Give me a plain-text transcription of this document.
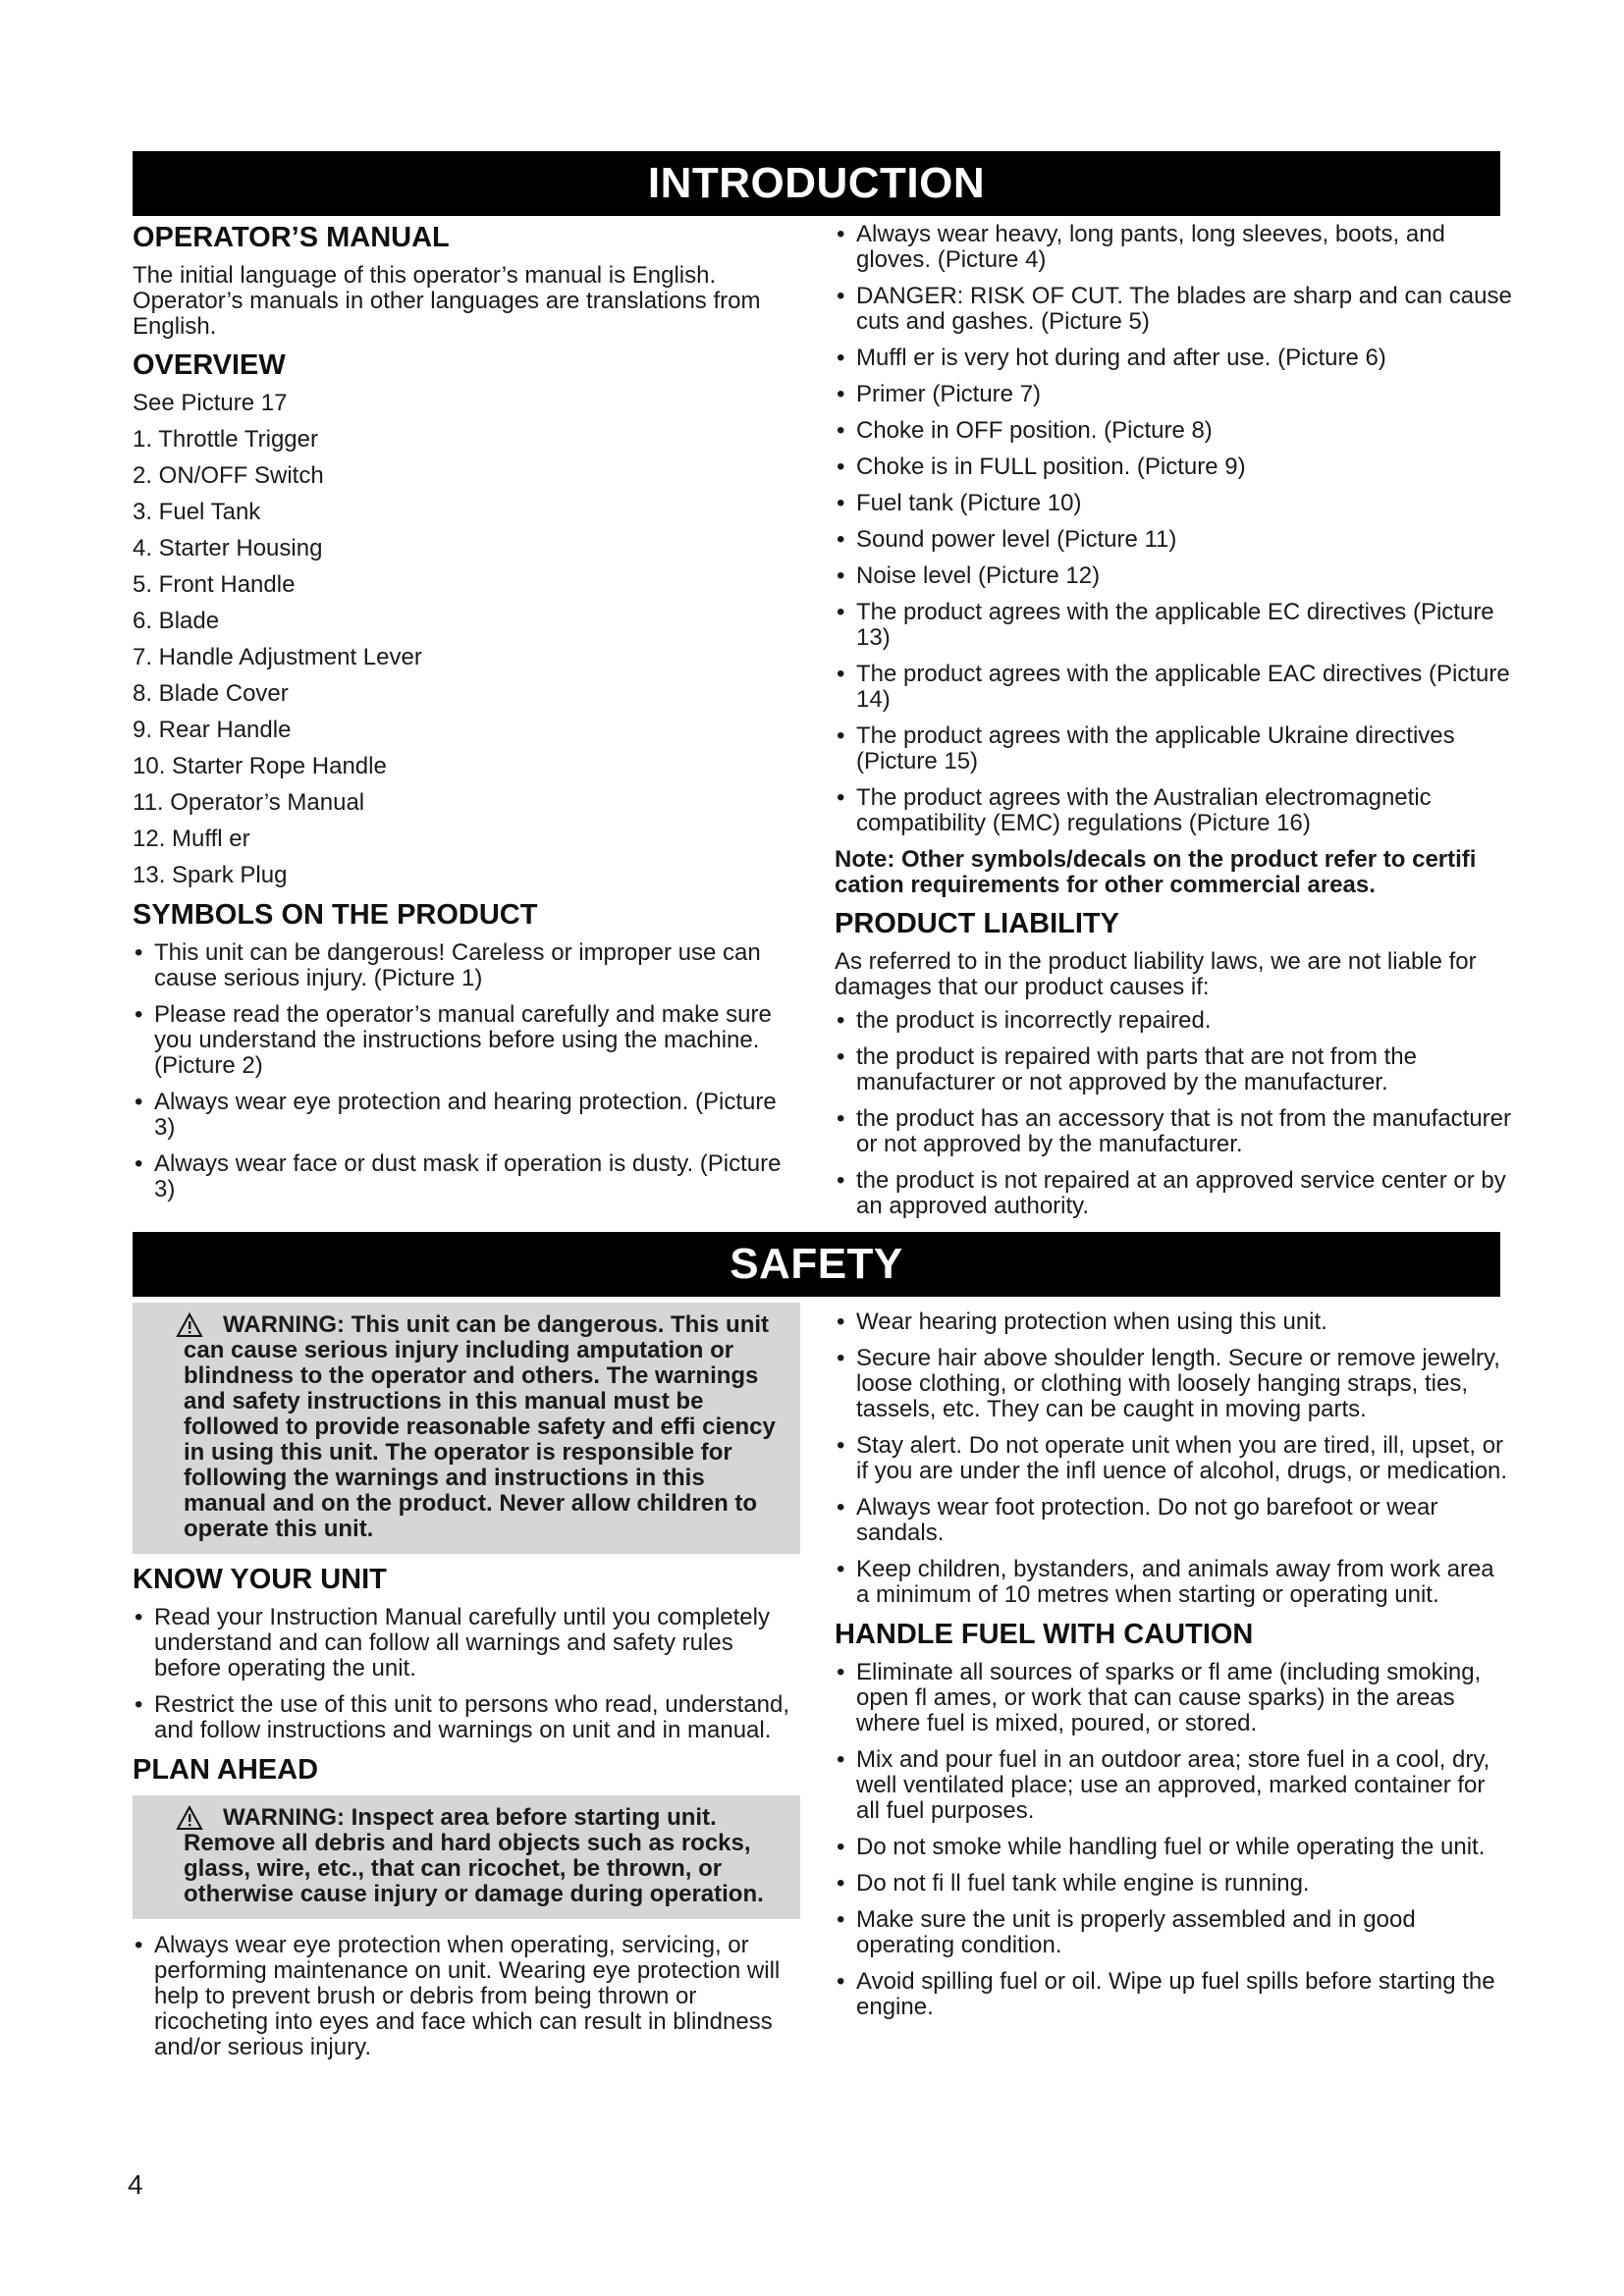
INTRODUCTION
OPERATOR’S MANUAL

The initial language of this operator’s manual is English. Operator’s manuals in other languages are translations from English.

OVERVIEW

See Picture 17

1. Throttle Trigger
2. ON/OFF Switch
3. Fuel Tank
4. Starter Housing
5. Front Handle
6. Blade
7. Handle Adjustment Lever
8. Blade Cover
9. Rear Handle
10. Starter Rope Handle
11. Operator’s Manual
12. Muffl er
13. Spark Plug
SYMBOLS ON THE PRODUCT
• This unit can be dangerous! Careless or improper use can cause serious injury. (Picture 1)
• Please read the operator’s manual carefully and make sure you understand the instructions before using the machine. (Picture 2)
• Always wear eye protection and hearing protection. (Picture 3)
• Always wear face or dust mask if operation is dusty. (Picture 3)
• Always wear heavy, long pants, long sleeves, boots, and gloves. (Picture 4)
• DANGER: RISK OF CUT. The blades are sharp and can cause cuts and gashes. (Picture 5)
• Muffl er is very hot during and after use. (Picture 6)
• Primer (Picture 7)
• Choke in OFF position. (Picture 8)
• Choke is in FULL position. (Picture 9)
• Fuel tank (Picture 10)
• Sound power level (Picture 11)
• Noise level (Picture 12)
• The product agrees with the applicable EC directives (Picture 13)
• The product agrees with the applicable EAC directives (Picture 14)
• The product agrees with the applicable Ukraine directives (Picture 15)
• The product agrees with the Australian electromagnetic compatibility (EMC) regulations (Picture 16)

Note: Other symbols/decals on the product refer to certifi cation requirements for other commercial areas.

PRODUCT LIABILITY

As referred to in the product liability laws, we are not liable for damages that our product causes if:

• the product is incorrectly repaired.
• the product is repaired with parts that are not from the manufacturer or not approved by the manufacturer.
• the product has an accessory that is not from the manufacturer or not approved by the manufacturer.
• the product is not repaired at an approved service center or by an approved authority.
SAFETY
WARNING: This unit can be dangerous. This unit can cause serious injury including amputation or blindness to the operator and others. The warnings and safety instructions in this manual must be followed to provide reasonable safety and effi ciency in using this unit. The operator is responsible for following the warnings and instructions in this manual and on the product. Never allow children to operate this unit.
KNOW YOUR UNIT
• Read your Instruction Manual carefully until you completely understand and can follow all warnings and safety rules before operating the unit.
• Restrict the use of this unit to persons who read, understand, and follow instructions and warnings on unit and in manual.
PLAN AHEAD
WARNING: Inspect area before starting unit. Remove all debris and hard objects such as rocks, glass, wire, etc., that can ricochet, be thrown, or otherwise cause injury or damage during operation.
• Always wear eye protection when operating, servicing, or performing maintenance on unit. Wearing eye protection will help to prevent brush or debris from being thrown or ricocheting into eyes and face which can result in blindness and/or serious injury.
• Wear hearing protection when using this unit.
• Secure hair above shoulder length. Secure or remove jewelry, loose clothing, or clothing with loosely hanging straps, ties, tassels, etc. They can be caught in moving parts.
• Stay alert. Do not operate unit when you are tired, ill, upset, or if you are under the infl uence of alcohol, drugs, or medication.
• Always wear foot protection. Do not go barefoot or wear sandals.
• Keep children, bystanders, and animals away from work area a minimum of 10 metres when starting or operating unit.
HANDLE FUEL WITH CAUTION
• Eliminate all sources of sparks or fl ame (including smoking, open fl ames, or work that can cause sparks) in the areas where fuel is mixed, poured, or stored.
• Mix and pour fuel in an outdoor area; store fuel in a cool, dry, well ventilated place; use an approved, marked container for all fuel purposes.
• Do not smoke while handling fuel or while operating the unit.
• Do not fi ll fuel tank while engine is running.
• Make sure the unit is properly assembled and in good operating condition.
• Avoid spilling fuel or oil. Wipe up fuel spills before starting the engine.
4
